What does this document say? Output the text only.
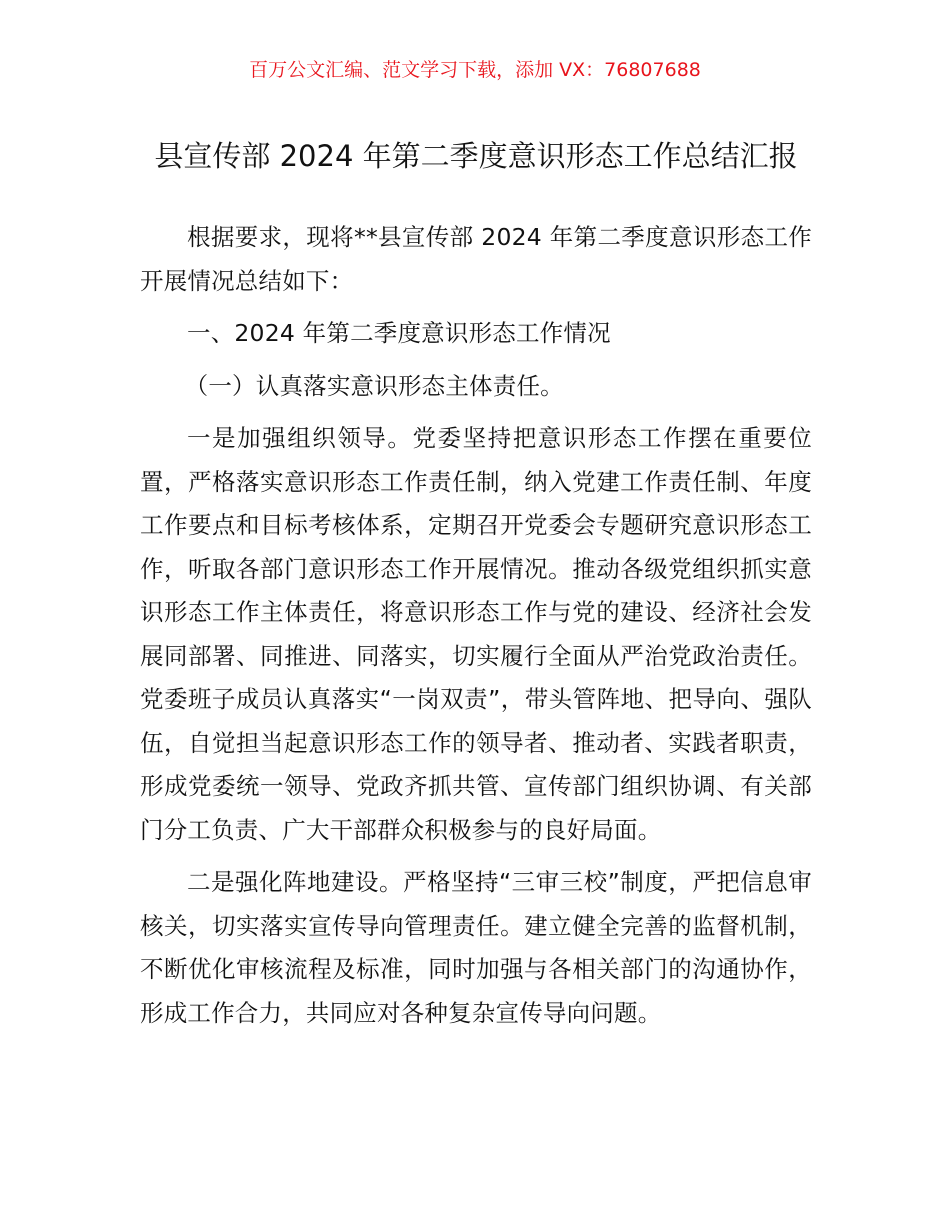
百万公文汇编、范文学习下载，添加 VX：76807688
县宣传部 2024 年第二季度意识形态工作总结汇报

根据要求，现将**县宣传部 2024 年第二季度意识形态工作开展情况总结如下：

一、2024 年第二季度意识形态工作情况

（一）认真落实意识形态主体责任。

一是加强组织领导。党委坚持把意识形态工作摆在重要位置，严格落实意识形态工作责任制，纳入党建工作责任制、年度工作要点和目标考核体系，定期召开党委会专题研究意识形态工作，听取各部门意识形态工作开展情况。推动各级党组织抓实意识形态工作主体责任，将意识形态工作与党的建设、经济社会发展同部署、同推进、同落实，切实履行全面从严治党政治责任。党委班子成员认真落实“一岗双责”，带头管阵地、把导向、强队伍，自觉担当起意识形态工作的领导者、推动者、实践者职责，形成党委统一领导、党政齐抓共管、宣传部门组织协调、有关部门分工负责、广大干部群众积极参与的良好局面。

二是强化阵地建设。严格坚持“三审三校”制度，严把信息审核关，切实落实宣传导向管理责任。建立健全完善的监督机制，不断优化审核流程及标准，同时加强与各相关部门的沟通协作，形成工作合力，共同应对各种复杂宣传导向问题。
